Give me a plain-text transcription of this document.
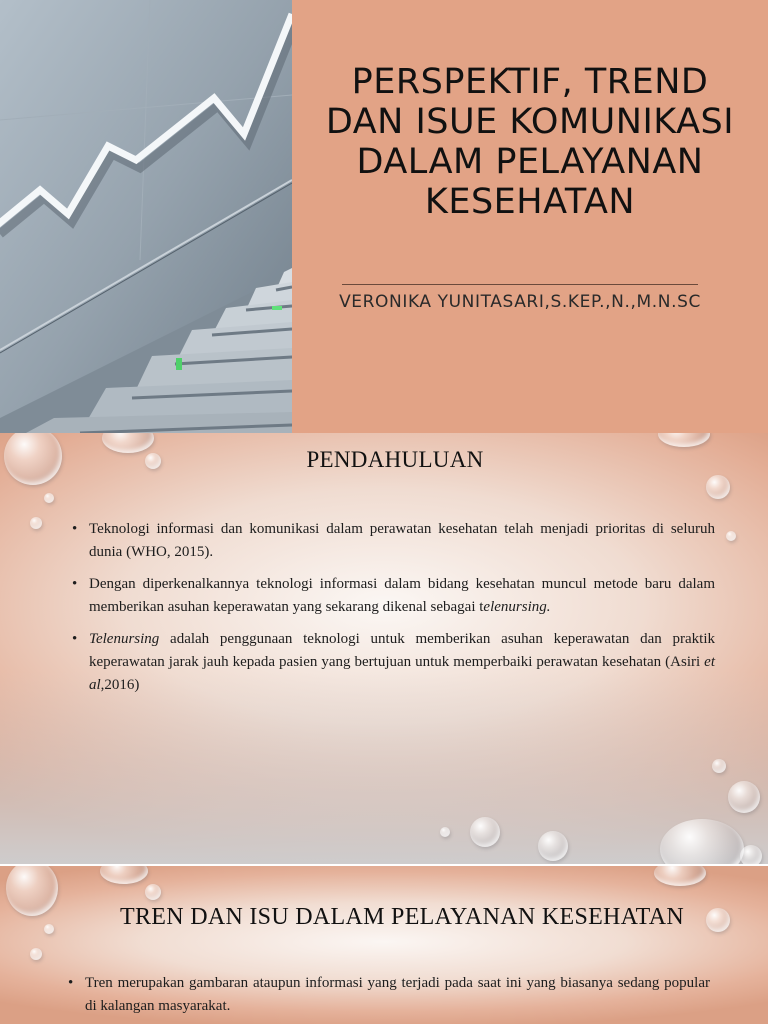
PERSPEKTIF, TREND DAN ISUE KOMUNIKASI DALAM PELAYANAN KESEHATAN
VERONIKA YUNITASARI,S.KEP.,N.,M.N.SC
PENDAHULUAN
• Teknologi informasi dan komunikasi dalam perawatan kesehatan telah menjadi prioritas di seluruh dunia (WHO, 2015).
• Dengan diperkenalkannya teknologi informasi dalam bidang kesehatan muncul metode baru dalam memberikan asuhan keperawatan yang sekarang dikenal sebagai telenursing.
• Telenursing adalah penggunaan teknologi untuk memberikan asuhan keperawatan dan praktik keperawatan jarak jauh kepada pasien yang bertujuan untuk memperbaiki perawatan kesehatan (Asiri et al,2016)
TREN DAN ISU DALAM PELAYANAN KESEHATAN
• Tren merupakan gambaran ataupun informasi yang terjadi pada saat ini yang biasanya sedang popular di kalangan masyarakat.
